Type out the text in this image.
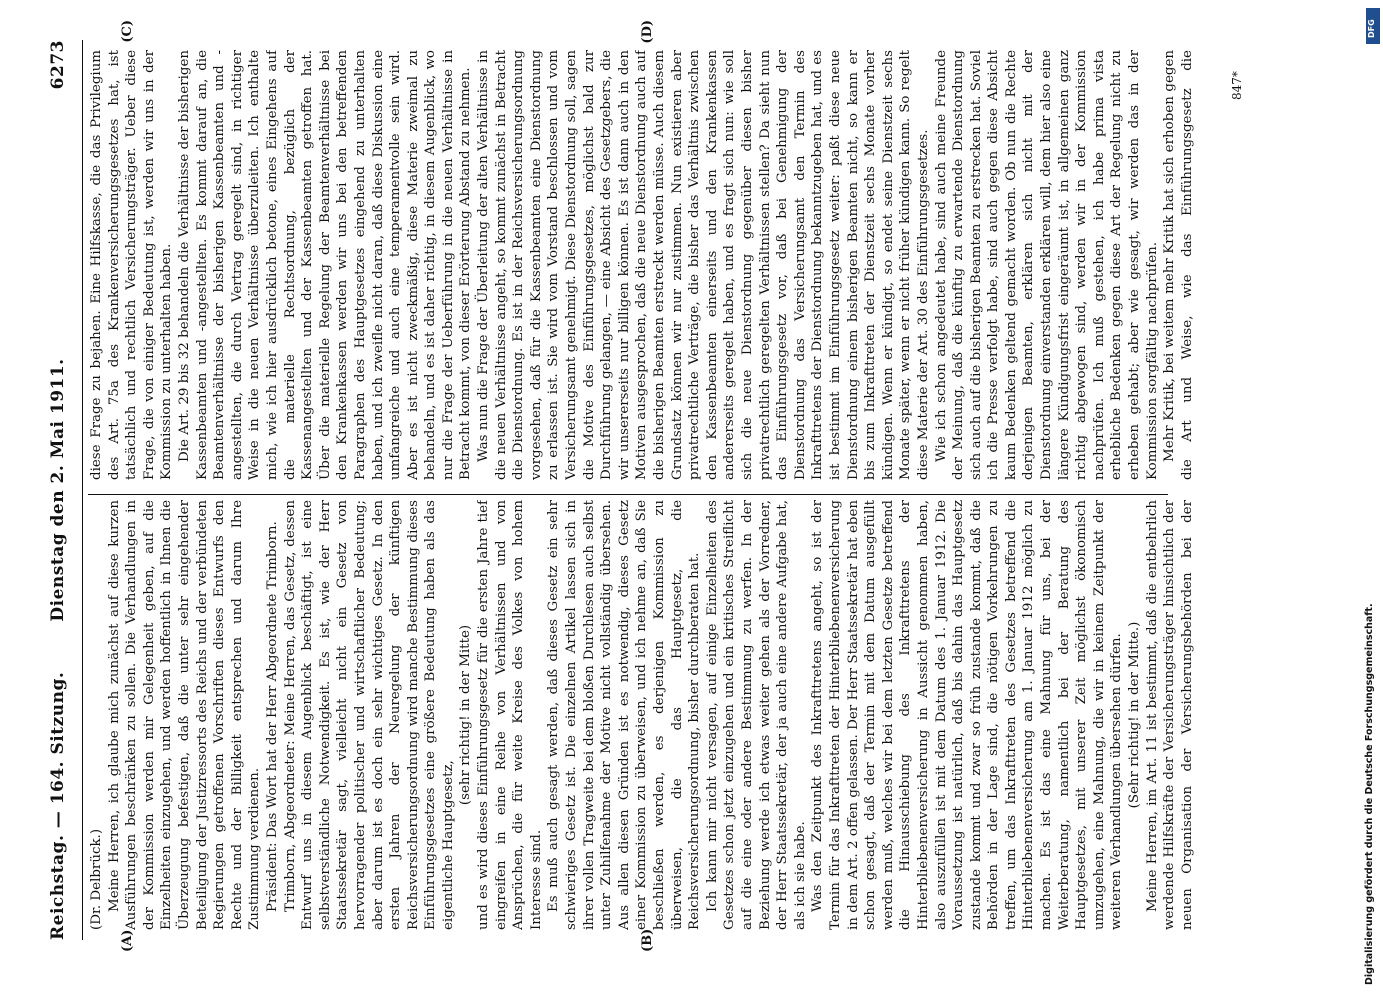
Reichstag. — 164. Sitzung.
Dienstag den 2. Mai 1911.
6273
(A)	(B)
(C)	(D)

(Dr. Delbrück.) Meine Herren, ich glaube mich zunächst auf diese kurzen Ausführungen beschränken zu sollen. Die Verhandlungen in der Kommission werden mir Gelegenheit geben, auf die Einzelheiten einzugehen, und werden hoffentlich in Ihnen die Überzeugung befestigen, daß die unter sehr eingehender Beteiligung der Justizressorts des Reichs und der verbündeten Regierungen getroffenen Vorschriften dieses Entwurfs den Rechte und der Billigkeit entsprechen und darum Ihre Zustimmung verdienen. Präsident: Das Wort hat der Herr Abgeordnete Trimborn. Trimborn, Abgeordneter: Meine Herren, das Gesetz, dessen Entwurf uns in diesem Augenblick beschäftigt, ist eine selbstverständliche Notwendigkeit. Es ist, wie der Herr Staatssekretär sagt, vielleicht nicht ein Gesetz von hervorragender politischer und wirtschaftlicher Bedeutung; aber darum ist es doch ein sehr wichtiges Gesetz. In den ersten Jahren der Neuregelung der künftigen Reichsversicherungsordnung wird manche Bestimmung dieses Einführungsgesetzes eine größere Bedeutung haben als das eigentliche Hauptgesetz,

(sehr richtig! in der Mitte) und es wird dieses Einführungsgesetz für die ersten Jahre tief eingreifen in eine Reihe von Verhältnissen und von Ansprüchen, die für weite Kreise des Volkes von hohem Interesse sind. Es muß auch gesagt werden, daß dieses Gesetz ein sehr schwieriges Gesetz ist. Die einzelnen Artikel lassen sich in ihrer vollen Tragweite bei dem bloßen Durchlesen auch selbst unter Zuhilfenahme der Motive nicht vollständig übersehen. Aus allen diesen Gründen ist es notwendig, dieses Gesetz einer Kommission zu überweisen, und ich nehme an, daß Sie beschließen werden, es derjenigen Kommission zu überweisen, die das Hauptgesetz, die Reichsversicherungsordnung, bisher durchberaten hat. Ich kann mir nicht versagen, auf einige Einzelheiten des Gesetzes schon jetzt einzugehen und ein kritisches Streiflicht auf die eine oder andere Bestimmung zu werfen. In der Beziehung werde ich etwas weiter gehen als der Vorredner, der Herr Staatssekretär, der ja auch eine andere Aufgabe hat, als ich sie habe. Was den Zeitpunkt des Inkrafttretens angeht, so ist der Termin für das Inkrafttreten der Hinterbliebenenversicherung in dem Art. 2 offen gelassen. Der Herr Staatssekretär hat eben schon gesagt, daß der Termin mit dem Datum ausgefüllt werden muß, welches wir bei dem letzten Gesetze betreffend die Hinausschiebung des Inkrafttretens der Hinterbliebenenversicherung in Aussicht genommen haben, also auszufüllen ist mit dem Datum des 1. Januar 1912. Die Voraussetzung ist natürlich, daß bis dahin das Hauptgesetz zustande kommt und zwar so früh zustande kommt, daß die Behörden in der Lage sind, die nötigen Vorkehrungen zu treffen, um das Inkrafttreten des Gesetzes betreffend die Hinterbliebenenversicherung am 1. Januar 1912 möglich zu machen. Es ist das eine Mahnung für uns, bei der Weiterberatung, namentlich bei der Beratung des Hauptgesetzes, mit unserer Zeit möglichst ökonomisch umzugehen, eine Mahnung, die wir in keinem Zeitpunkt der weiteren Verhandlungen übersehen dürfen. (Sehr richtig! in der Mitte.)

Meine Herren, im Art. 11 ist bestimmt, daß die entbehrlich werdende Hilfskräfte der Versicherungsträger hinsichtlich der neuen Organisation der Versicherungsbehörden bei der

diese Frage zu bejahen. Eine Hilfskasse, die das Privilegium des Art. 75a des Krankenversicherungsgesetzes hat, ist tatsächlich und rechtlich Versicherungsträger. Ueber diese Frage, die von einiger Bedeutung ist, werden wir uns in der Kommission zu unterhalten haben. Die Art. 29 bis 32 behandeln die Verhältnisse der bisherigen Kassenbeamten und -angestellten. Es kommt darauf an, die Beamtenverhältnisse der bisherigen Kassenbeamten und -angestellten, die durch Vertrag geregelt sind, in richtiger Weise in die neuen Verhältnisse überzuleiten. Ich enthalte mich, wie ich hier ausdrücklich betone, eines Eingehens auf die materielle Rechtsordnung, bezüglich der Kassenangestellten und der Kassenbeamten getroffen hat. Über die materielle Regelung der Beamtenverhältnisse bei den Krankenkassen werden wir uns bei den betreffenden Paragraphen des Hauptgesetzes eingehend zu unterhalten haben, und ich zweifle nicht daran, daß diese Diskussion eine umfangreiche und auch eine temperamentvolle sein wird. Aber es ist nicht zweckmäßig, diese Materie zweimal zu behandeln, und es ist daher richtig, in diesem Augenblick, wo nur die Frage der Ueberführung in die neuen Verhältnisse in Betracht kommt, von dieser Erörterung Abstand zu nehmen. Was nun die Frage der Überleitung der alten Verhältnisse in die neuen Verhältnisse angeht, so kommt zunächst in Betracht die Dienstordnung. Es ist in der Reichsversicherungsordnung vorgesehen, daß für die Kassenbeamten eine Dienstordnung zu erlassen ist. Sie wird vom Vorstand beschlossen und vom Versicherungsamt genehmigt. Diese Dienstordnung soll, sagen die Motive des Einführungsgesetzes, möglichst bald zur Durchführung gelangen, — eine Absicht des Gesetzgebers, die wir unsererseits nur billigen können. Es ist dann auch in den Motiven ausgesprochen, daß die neue Dienstordnung auch auf die bisherigen Beamten erstreckt werden müsse. Auch diesem Grundsatz können wir nur zustimmen. Nun existieren aber privatrechtliche Verträge, die bisher das Verhältnis zwischen den Kassenbeamten einerseits und den Krankenkassen andererseits geregelt haben, und es fragt sich nun: wie soll sich die neue Dienstordnung gegenüber diesen bisher privatrechtlich geregelten Verhältnissen stellen? Da sieht nun das Einführungsgesetz vor, daß bei Genehmigung der Dienstordnung das Versicherungsamt den Termin des Inkrafttretens der Dienstordnung bekanntzugeben hat, und es ist bestimmt im Einführungsgesetz weiter: paßt diese neue Dienstordnung einem bisherigen Beamten nicht, so kann er bis zum Inkrafttreten der Dienstzeit sechs Monate vorher kündigen. Wenn er kündigt, so endet seine Dienstzeit sechs Monate später, wenn er nicht früher kündigen kann. So regelt diese Materie der Art. 30 des Einführungsgesetzes. Wie ich schon angedeutet habe, sind auch meine Freunde der Meinung, daß die künftig zu erwartende Dienstordnung sich auch auf die bisherigen Beamten zu erstrecken hat. Soviel ich die Presse verfolgt habe, sind auch gegen diese Absicht kaum Bedenken geltend gemacht worden. Ob nun die Rechte derjenigen Beamten, erklären sich nicht mit der Dienstordnung einverstanden erklären will, dem hier also eine längere Kündigungsfrist eingeräumt ist, in allgemeinen ganz richtig abgewogen sind, werden wir in der Kommission nachprüfen. Ich muß gestehen, ich habe prima vista erhebliche Bedenken gegen diese Art der Regelung nicht zu erheben gehabt; aber wie gesagt, wir werden das in der Kommission sorgfältig nachprüfen. Mehr Kritik, bei weitem mehr Kritik hat sich erhoben gegen die Art und Weise, wie das Einführungsgesetz die

847*
Digitalisierung gefördert durch die Deutsche Forschungsgemeinschaft.
DFG
